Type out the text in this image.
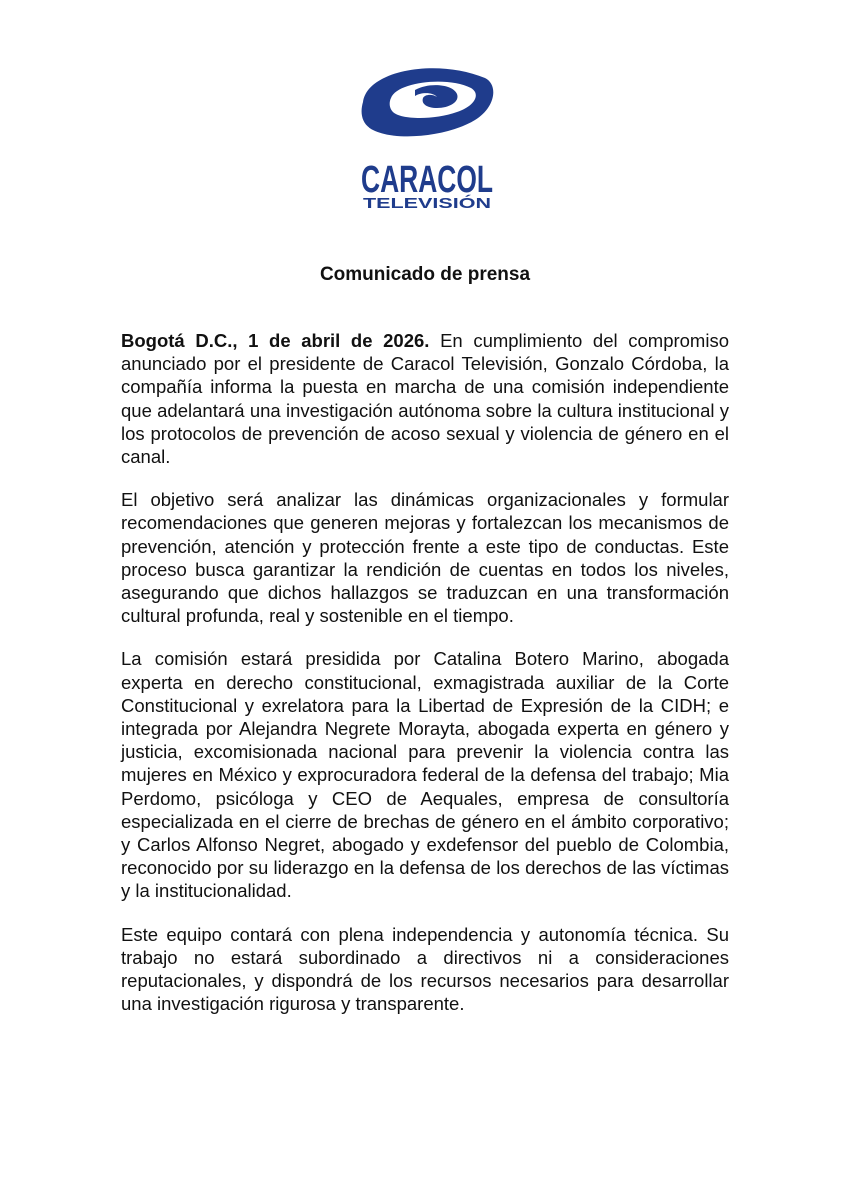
CARACOL
TELEVISIÓN
Comunicado de prensa

Bogotá D.C., 1 de abril de 2026. En cumplimiento del compromiso anunciado por el presidente de Caracol Televisión, Gonzalo Córdoba, la compañía informa la puesta en marcha de una comisión independiente que adelantará una investigación autónoma sobre la cultura institucional y los protocolos de prevención de acoso sexual y violencia de género en el canal.

El objetivo será analizar las dinámicas organizacionales y formular recomendaciones que generen mejoras y fortalezcan los mecanismos de prevención, atención y protección frente a este tipo de conductas. Este proceso busca garantizar la rendición de cuentas en todos los niveles, asegurando que dichos hallazgos se traduzcan en una transformación cultural profunda, real y sostenible en el tiempo.

La comisión estará presidida por Catalina Botero Marino, abogada experta en derecho constitucional, exmagistrada auxiliar de la Corte Constitucional y exrelatora para la Libertad de Expresión de la CIDH; e integrada por Alejandra Negrete Morayta, abogada experta en género y justicia, excomisionada nacional para prevenir la violencia contra las mujeres en México y exprocuradora federal de la defensa del trabajo; Mia Perdomo, psicóloga y CEO de Aequales, empresa de consultoría especializada en el cierre de brechas de género en el ámbito corporativo; y Carlos Alfonso Negret, abogado y exdefensor del pueblo de Colombia, reconocido por su liderazgo en la defensa de los derechos de las víctimas y la institucionalidad.

Este equipo contará con plena independencia y autonomía técnica. Su trabajo no estará subordinado a directivos ni a consideraciones reputacionales, y dispondrá de los recursos necesarios para desarrollar una investigación rigurosa y transparente.
